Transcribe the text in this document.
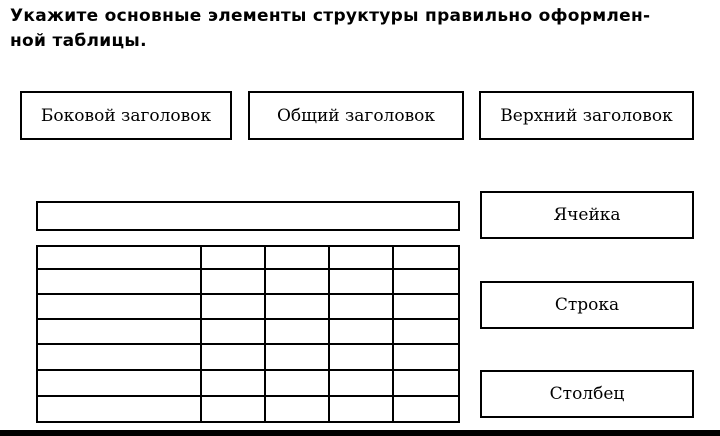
Укажите основные элементы структуры правильно оформлен-
ной таблицы.
Боковой заголовок	Общий заголовок	Верхний заголовок
Ячейка
Строка
Столбец
